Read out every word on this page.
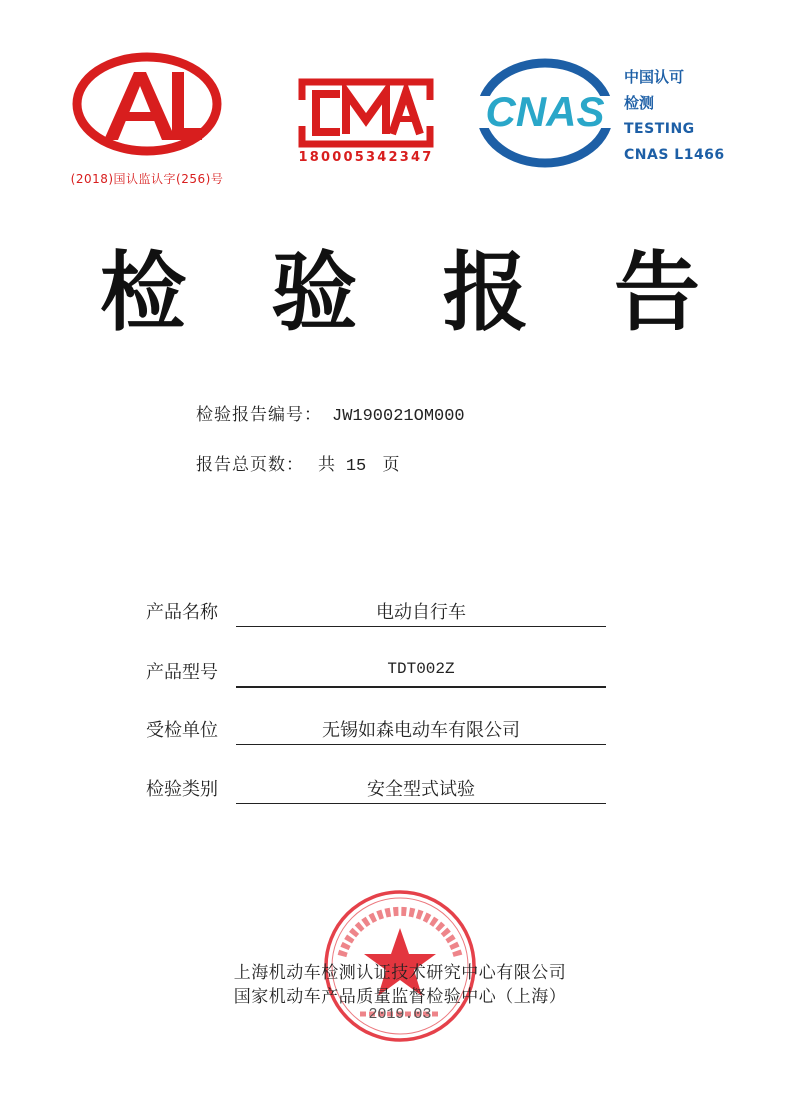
(2018)国认监认字(256)号
180005342347
CNAS
中国认可
检测
TESTING
CNAS L1466
检 验 报 告
检验报告编号： JW190021OM000
报告总页数： 共 15 页
产品名称	电动自行车
产品型号	TDT002Z
受检单位	无锡如森电动车有限公司
检验类别	安全型式试验
上海机动车检测认证技术研究中心有限公司
国家机动车产品质量监督检验中心（上海）
2019.03
